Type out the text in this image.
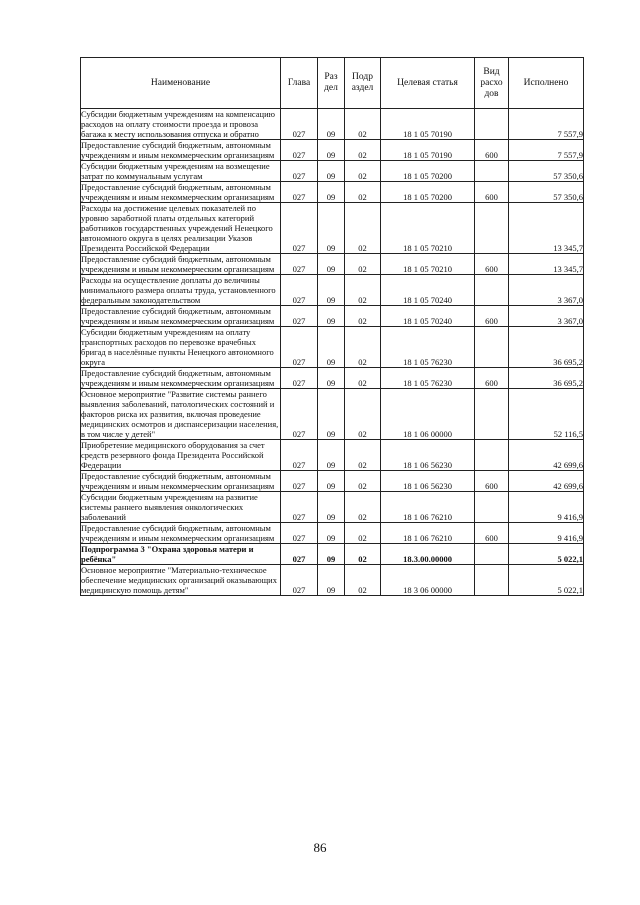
Наименование	Глава	Раз дел	Подр аздел	Целевая статья	Вид расхо дов	Исполнено
Субсидии бюджетным учреждениям на компенсацию расходов на оплату стоимости проезда и провоза багажа к месту использования отпуска и обратно	027	09	02	18 1 05 70190		7 557,9
Предоставление субсидий бюджетным, автономным учреждениям и иным некоммерческим организациям	027	09	02	18 1 05 70190	600	7 557,9
Субсидии бюджетным учреждениям на возмещение затрат по коммунальным услугам	027	09	02	18 1 05 70200		57 350,6
Предоставление субсидий бюджетным, автономным учреждениям и иным некоммерческим организациям	027	09	02	18 1 05 70200	600	57 350,6
Расходы на достижение целевых показателей по уровню заработной платы отдельных категорий работников государственных учреждений Ненецкого автономного округа в целях реализации Указов Президента Российской Федерации	027	09	02	18 1 05 70210		13 345,7
Предоставление субсидий бюджетным, автономным учреждениям и иным некоммерческим организациям	027	09	02	18 1 05 70210	600	13 345,7
Расходы на осуществление доплаты до величины минимального размера оплаты труда, установленного федеральным законодательством	027	09	02	18 1 05 70240		3 367,0
Предоставление субсидий бюджетным, автономным учреждениям и иным некоммерческим организациям	027	09	02	18 1 05 70240	600	3 367,0
Субсидии бюджетным учреждениям на оплату транспортных расходов по перевозке врачебных бригад в населённые пункты Ненецкого автономного округа	027	09	02	18 1 05 76230		36 695,2
Предоставление субсидий бюджетным, автономным учреждениям и иным некоммерческим организациям	027	09	02	18 1 05 76230	600	36 695,2
Основное мероприятие "Развитие системы раннего выявления заболеваний, патологических состояний и факторов риска их развития, включая проведение медицинских осмотров и диспансеризации населения, в том числе у детей"	027	09	02	18 1 06 00000		52 116,5
Приобретение медицинского оборудования за счет средств резервного фонда Президента Российской Федерации	027	09	02	18 1 06 56230		42 699,6
Предоставление субсидий бюджетным, автономным учреждениям и иным некоммерческим организациям	027	09	02	18 1 06 56230	600	42 699,6
Субсидии бюджетным учреждениям на развитие системы раннего выявления онкологических заболеваний	027	09	02	18 1 06 76210		9 416,9
Предоставление субсидий бюджетным, автономным учреждениям и иным некоммерческим организациям	027	09	02	18 1 06 76210	600	9 416,9
Подпрограмма 3 "Охрана здоровья матери и ребёнка"	027	09	02	18.3.00.00000		5 022,1
Основное мероприятие "Материально-техническое обеспечение медицинских организаций оказывающих медицинскую помощь детям"	027	09	02	18 3 06 00000		5 022,1
86
